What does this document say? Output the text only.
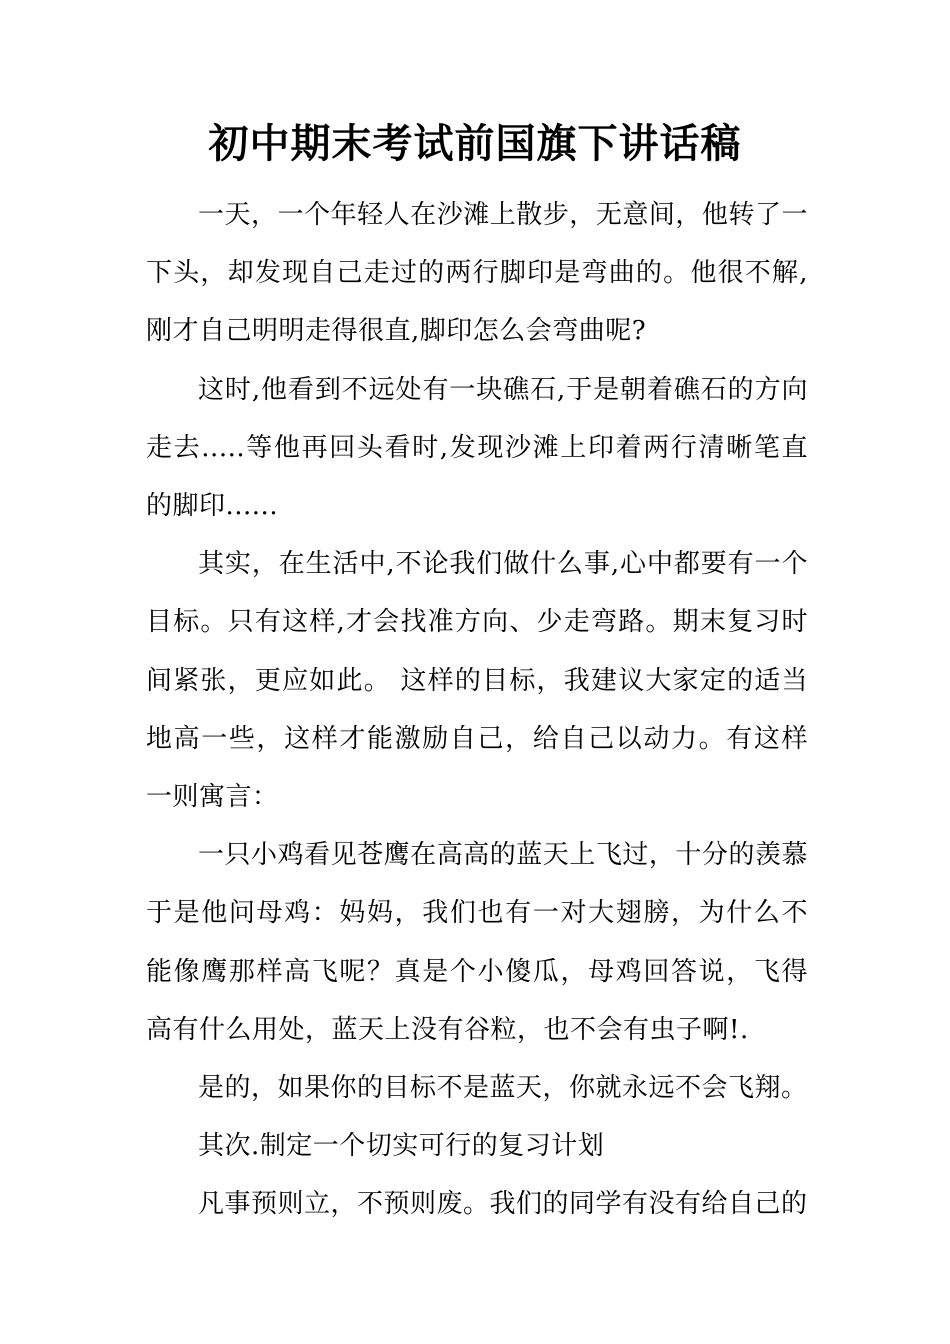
初中期末考试前国旗下讲话稿

一天，一个年轻人在沙滩上散步，无意间，他转了一下头，却发现自己走过的两行脚印是弯曲的。他很不解,刚才自己明明走得很直,脚印怎么会弯曲呢?

这时,他看到不远处有一块礁石,于是朝着礁石的方向走去.....等他再回头看时,发现沙滩上印着两行清晰笔直的脚印......

其实，在生活中,不论我们做什么事,心中都要有一个目标。只有这样,才会找准方向、少走弯路。期末复习时间紧张，更应如此。 这样的目标，我建议大家定的适当地高一些，这样才能激励自己，给自己以动力。有这样一则寓言：

一只小鸡看见苍鹰在高高的蓝天上飞过，十分的羡慕于是他问母鸡：妈妈，我们也有一对大翅膀，为什么不能像鹰那样高飞呢？真是个小傻瓜，母鸡回答说，飞得高有什么用处，蓝天上没有谷粒，也不会有虫子啊!.

是的，如果你的目标不是蓝天，你就永远不会飞翔。

其次.制定一个切实可行的复习计划

凡事预则立，不预则废。我们的同学有没有给自己的
